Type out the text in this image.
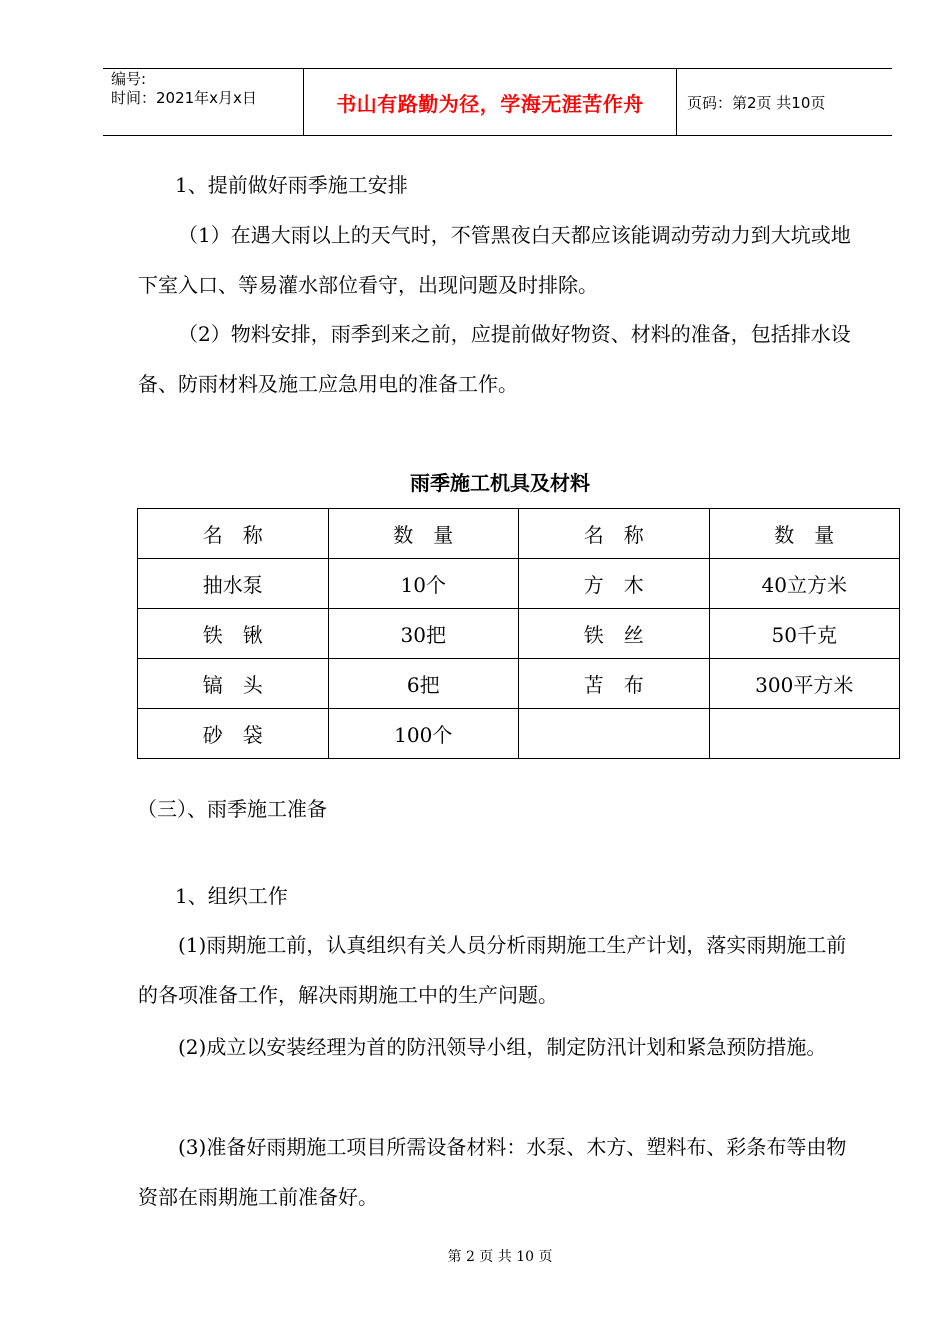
编号:
时间：2021年x月x日	书山有路勤为径，学海无涯苦作舟	页码：第2页 共10页

1、提前做好雨季施工安排

（1）在遇大雨以上的天气时，不管黑夜白天都应该能调动劳动力到大坑或地下室入口、等易灌水部位看守，出现问题及时排除。

（2）物料安排，雨季到来之前，应提前做好物资、材料的准备，包括排水设备、防雨材料及施工应急用电的准备工作。

雨季施工机具及材料
名　称	数　量	名　称	数　量
抽水泵	10个	方　木	40立方米
铁　锹	30把	铁　丝	50千克
镐　头	6把	苫　布	300平方米
砂　袋	100个		

（三）、雨季施工准备

1、组织工作

(1)雨期施工前，认真组织有关人员分析雨期施工生产计划，落实雨期施工前的各项准备工作，解决雨期施工中的生产问题。

(2)成立以安装经理为首的防汛领导小组，制定防汛计划和紧急预防措施。

(3)准备好雨期施工项目所需设备材料：水泵、木方、塑料布、彩条布等由物资部在雨期施工前准备好。

第 2 页 共 10 页
